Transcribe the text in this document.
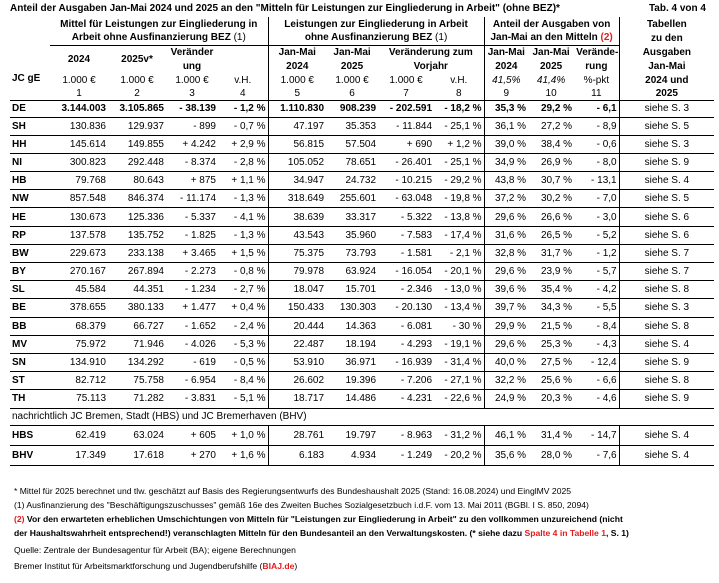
Anteil der Ausgaben Jan-Mai 2024 und 2025 an den "Mitteln für Leistungen zur Eingliederung in Arbeit" (ohne BEZ)*	Tab. 4 von 4
	Mittel für Leistungen zur Eingliederung in				Leistungen zur Eingliederung in Arbeit				Anteil der Ausgaben von			Tabellen
	Arbeit ohne Ausfinanzierung BEZ (1)				ohne Ausfinanzierung BEZ (1)				Jan-Mai an den Mitteln (2)			zu den
	2024	2025v*	Veränder		Jan-Mai	Jan-Mai	Veränderung zum		Jan-Mai	Jan-Mai	Verände-	Ausgaben
			ung		2024	2025	Vorjahr		2024	2025	rung	Jan-Mai
JC gE	1.000 €	1.000 €	1.000 €	v.H.	1.000 €	1.000 €	1.000 €	v.H.	41,5%	41,4%	%-pkt	2024 und
	1	2	3	4	5	6	7	8	9	10	11	2025
DE	3.144.003	3.105.865	- 38.139	- 1,2 %	1.110.830	908.239	- 202.591	- 18,2 %	35,3 %	29,2 %	- 6,1	siehe S. 3
SH	130.836	129.937	- 899	- 0,7 %	47.197	35.353	- 11.844	- 25,1 %	36,1 %	27,2 %	- 8,9	siehe S. 5
HH	145.614	149.855	+ 4.242	+ 2,9 %	56.815	57.504	+ 690	+ 1,2 %	39,0 %	38,4 %	- 0,6	siehe S. 3
NI	300.823	292.448	- 8.374	- 2,8 %	105.052	78.651	- 26.401	- 25,1 %	34,9 %	26,9 %	- 8,0	siehe S. 9
HB	79.768	80.643	+ 875	+ 1,1 %	34.947	24.732	- 10.215	- 29,2 %	43,8 %	30,7 %	- 13,1	siehe S. 4
NW	857.548	846.374	- 11.174	- 1,3 %	318.649	255.601	- 63.048	- 19,8 %	37,2 %	30,2 %	- 7,0	siehe S. 5
HE	130.673	125.336	- 5.337	- 4,1 %	38.639	33.317	- 5.322	- 13,8 %	29,6 %	26,6 %	- 3,0	siehe S. 6
RP	137.578	135.752	- 1.825	- 1,3 %	43.543	35.960	- 7.583	- 17,4 %	31,6 %	26,5 %	- 5,2	siehe S. 6
BW	229.673	233.138	+ 3.465	+ 1,5 %	75.375	73.793	- 1.581	- 2,1 %	32,8 %	31,7 %	- 1,2	siehe S. 7
BY	270.167	267.894	- 2.273	- 0,8 %	79.978	63.924	- 16.054	- 20,1 %	29,6 %	23,9 %	- 5,7	siehe S. 7
SL	45.584	44.351	- 1.234	- 2,7 %	18.047	15.701	- 2.346	- 13,0 %	39,6 %	35,4 %	- 4,2	siehe S. 8
BE	378.655	380.133	+ 1.477	+ 0,4 %	150.433	130.303	- 20.130	- 13,4 %	39,7 %	34,3 %	- 5,5	siehe S. 3
BB	68.379	66.727	- 1.652	- 2,4 %	20.444	14.363	- 6.081	- 30 %	29,9 %	21,5 %	- 8,4	siehe S. 8
MV	75.972	71.946	- 4.026	- 5,3 %	22.487	18.194	- 4.293	- 19,1 %	29,6 %	25,3 %	- 4,3	siehe S. 4
SN	134.910	134.292	- 619	- 0,5 %	53.910	36.971	- 16.939	- 31,4 %	40,0 %	27,5 %	- 12,4	siehe S. 9
ST	82.712	75.758	- 6.954	- 8,4 %	26.602	19.396	- 7.206	- 27,1 %	32,2 %	25,6 %	- 6,6	siehe S. 8
TH	75.113	71.282	- 3.831	- 5,1 %	18.717	14.486	- 4.231	- 22,6 %	24,9 %	20,3 %	- 4,6	siehe S. 9
nachrichtlich JC Bremen, Stadt (HBS) und JC Bremerhaven (BHV)												
HBS	62.419	63.024	+ 605	+ 1,0 %	28.761	19.797	- 8.963	- 31,2 %	46,1 %	31,4 %	- 14,7	siehe S. 4
BHV	17.349	17.618	+ 270	+ 1,6 %	6.183	4.934	- 1.249	- 20,2 %	35,6 %	28,0 %	- 7,6	siehe S. 4
* Mittel für 2025 berechnet und tlw. geschätzt auf Basis des Regierungsentwurfs des Bundeshaushalt 2025 (Stand: 16.08.2024) und EinglMV 2025
(1) Ausfinanzierung des "Beschäftigungszuschusses" gemäß 16e des Zweiten Buches Sozialgesetzbuch i.d.F. vom 13. Mai 2011 (BGBl. I S. 850, 2094)
(2) Vor den erwarteten erheblichen Umschichtungen von Mitteln für "Leistungen zur Eingliederung in Arbeit" zu den vollkommen unzureichend (nicht
der Haushaltswahrheit entsprechend!) veranschlagten Mitteln für den Bundesanteil an den Verwaltungskosten. (* siehe dazu Spalte 4 in Tabelle 1, S. 1)
Quelle: Zentrale der Bundesagentur für Arbeit (BA); eigene Berechnungen
Bremer Institut für Arbeitsmarktforschung und Jugendberufshilfe (BIAJ.de)
